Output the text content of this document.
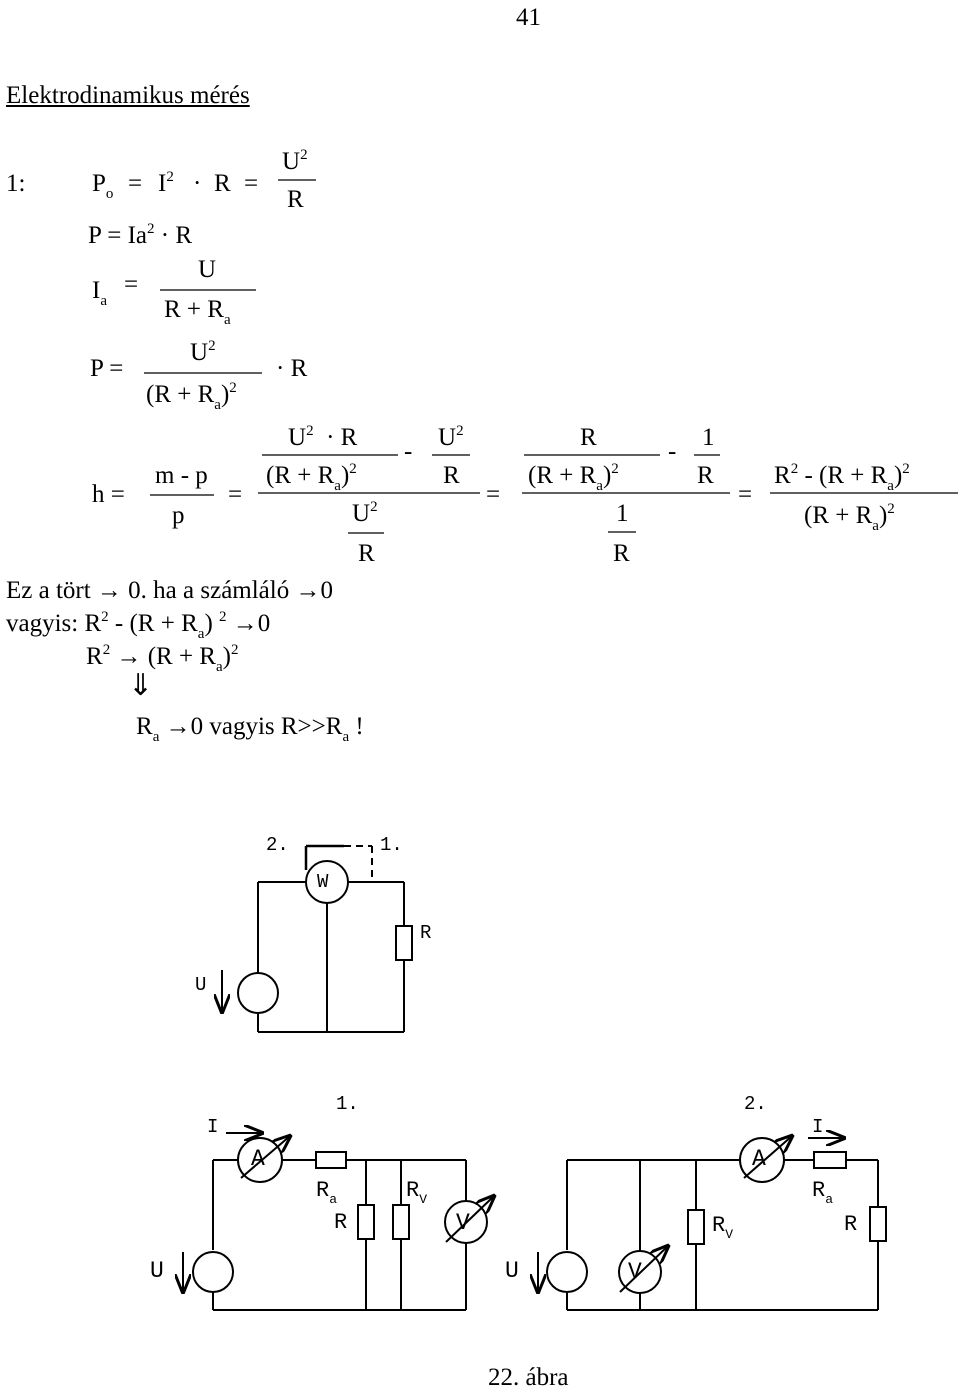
41
Elektrodinamikus mérés
1:	$P_o = I^2 \cdot R$ =
$U^2$
R
$P = Ia^2 \cdot R$
$I_a$
=
U
$R + R_a$
P =
$U^2$
$(R + R_a)^2$
· R
h =
m - p
p
=
$U^2 \cdot R$
$(R + R_a)^2$
-
$U^2$
R
$U^2$
R
=
R
$(R + R_a)^2$
-
1
R
1
R
=
$R^2 - (R + R_a)^2$
$(R + R_a)^2$
Ez a tört → 0. ha a számláló →0
vagyis: $R^2 - (R + R_a)$ $^2$ →0
$R^2 \to (R + R_a)^2$
⇓
$R_a \to 0$ vagyis $R>>R_a$ !
2.	1.
W
R
U
1.
I
A
$R_a$	$R_V$
R	V
U
2.
I
A
$R_a$
$R_V$	R
V
U
22. ábra
